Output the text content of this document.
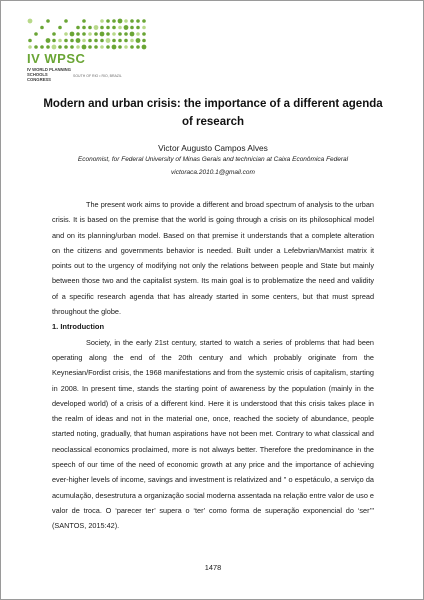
IV WPSC
IV WORLD PLANNING SCHOOLS CONGRESS
SOUTH OF RIO • RIO, BRAZIL
Modern and urban crisis: the importance of a different agenda of research
Victor Augusto Campos Alves
Economist, for Federal University of Minas Gerais and technician at Caixa Econômica Federal
victoraca.2010.1@gmail.com

The present work aims to provide a different and broad spectrum of analysis to the urban crisis. It is based on the premise that the world is going through a crisis on its philosophical model and on its planning/urban model. Based on that premise it understands that a complete alteration on the citizens and governments behavior is needed. Built under a Lefebvrian/Marxist matrix it points out to the urgency of modifying not only the relations between people and State but mainly between those two and the capitalist system. Its main goal is to problematize the need and validity of a specific research agenda that has already started in some centers, but that must spread throughout the globe.

1. Introduction

Society, in the early 21st century, started to watch a series of problems that had been operating along the end of the 20th century and which probably originate from the Keynesian/Fordist crisis, the 1968 manifestations and from the systemic crisis of capitalism, starting in 2008. In present time, stands the starting point of awareness by the population (mainly in the developed world) of a crisis of a different kind. Here it is understood that this crisis takes place in the realm of ideas and not in the material one, once, reached the society of abundance, people started noting, gradually, that human aspirations have not been met. Contrary to what classical and neoclassical economics proclaimed, more is not always better. Therefore the predominance in the speech of our time of the need of economic growth at any price and the importance of achieving ever-higher levels of income, savings and investment is relativized and " o espetáculo, a serviço da acumulação, desestrutura a organização social moderna assentada na relação entre valor de uso e valor de troca. O ‘parecer ter’ supera o ‘ter’ como forma de superação exponencial do ‘ser’" (SANTOS, 2015:42).

1478
